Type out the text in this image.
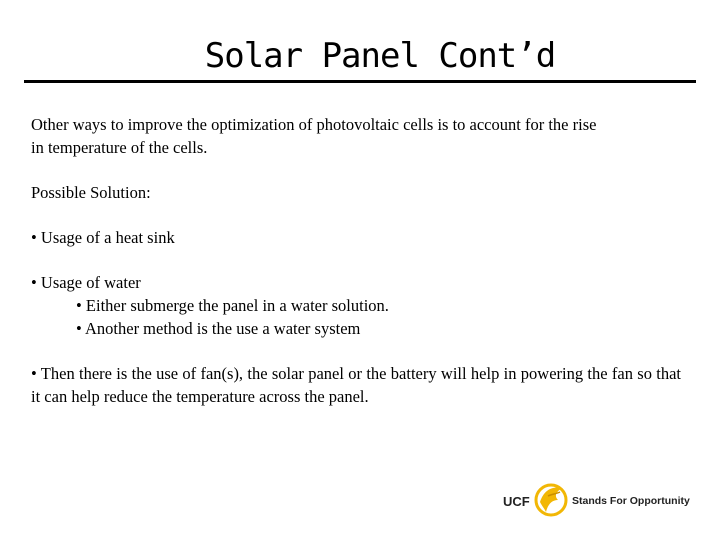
Solar Panel Cont’d

Other ways to improve the optimization of photovoltaic cells is to account for the rise

in temperature of the cells.

Possible Solution:

• Usage of a heat sink

• Usage of water

• Either submerge the panel in a water solution.

• Another method is the use a water system

• Then there is the use of fan(s), the solar panel or the battery will help in powering the fan so that it can help reduce the temperature across the panel.

UCF	Stands For Opportunity
